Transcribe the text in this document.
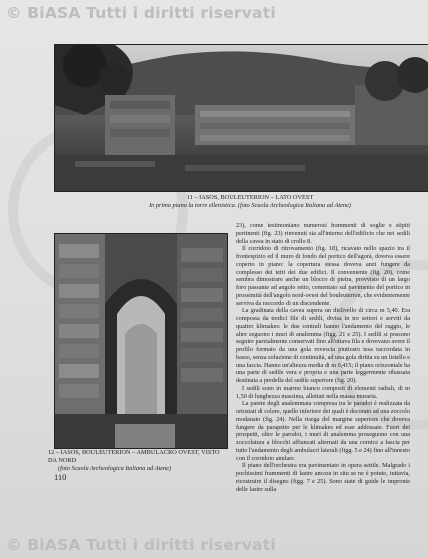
© BiASA Tutti i diritti riservati
11 – IASOS, BOULEUTERION – LATO OVEST
In primo piano la torre ellenistica. (foto Scuola Archeologica Italiana ad Atene)
12 – IASOS, BOULEUTERION – AMBULACRO OVEST, VISTO DA NORD
(foto Scuola Archeologica Italiana ad Atene)

23), come testimoniano numerosi frammenti di soglie e stipiti pertinenti (fig. 23) rinvenuti sia all'interno dell'edificio che nei sedili della cavea in stato di crollo 8.

Il corridoio di ritrovamento (fig. 18), ricavato nello spazio tra il frontespizio ed il muro di fondo del portico dell'agorà, doveva essere coperto in piano: la copertura stessa doveva anzi fungere da complesso dei tetti dei due edifici. Il conveniente (fig. 20), come sembra dimostrare anche un blocco di pietra, provvisto di un largo foro passante ad angolo retto, cementato sul pavimento del portico in prossimità dell'angolo nord-ovest del bouleuterion, che evidentemente serviva da raccordo di un discendente.

La gradinata della cavea supera un dislivello di circa m 5,40. Era composta da tredici file di sedili, divisa in tre settori e serviti da quattro klimakes: le due centrali hanno l'andamento del raggio, le altre seguono i muri di analemma (figg. 21 e 25). I sedili si possono seguire parzialmente conservati fino all'ottava fila e dovevano avere il profilo formato da una gola rovescia piuttosto tesa raccordata in basso, senza soluzione di continuità, ad una gola diritta su un listello e una fascia. Hanno un'altezza media di m 0,415; il piano orizzontale ha una parte di sedile vera e propria e una parte leggermente ribassata destinata a predella del sedile superiore (fig. 20).

I sedili sono in marmo bianco composti di elementi radiali, di m 1,50 di lunghezza massima, allettati nella massa muraria.

La parete degli analemmata compresa tra le paradoi è realizzata da ortostati di colore, quello inferiore dei quali è decorato ad una zoccolo modanato (fig. 24). Nella risega del margine superiore che doveva fungere da parapetto per le klimakes ed esse addossate. Fuori dei prospetti, oltre le parodoi, i muri di analemma proseguono con una zoccolatura a blocchi affiancati alternati da una cornice a fascia per tutto l'andamento degli ambulacri laterali (figg. 5 e 24) fino all'innesto con il corridoio anulare.

Il piano dell'orchestra era pavimentato in opera settile. Malgrado i pochissimi frammenti di lastre ancora in situ se ne è potuto, tuttavia, ricostruire il disegno (figg. 7 e 25). Sono state di guide le impronte delle lastre sulla

110
© BiASA Tutti i diritti riservati
